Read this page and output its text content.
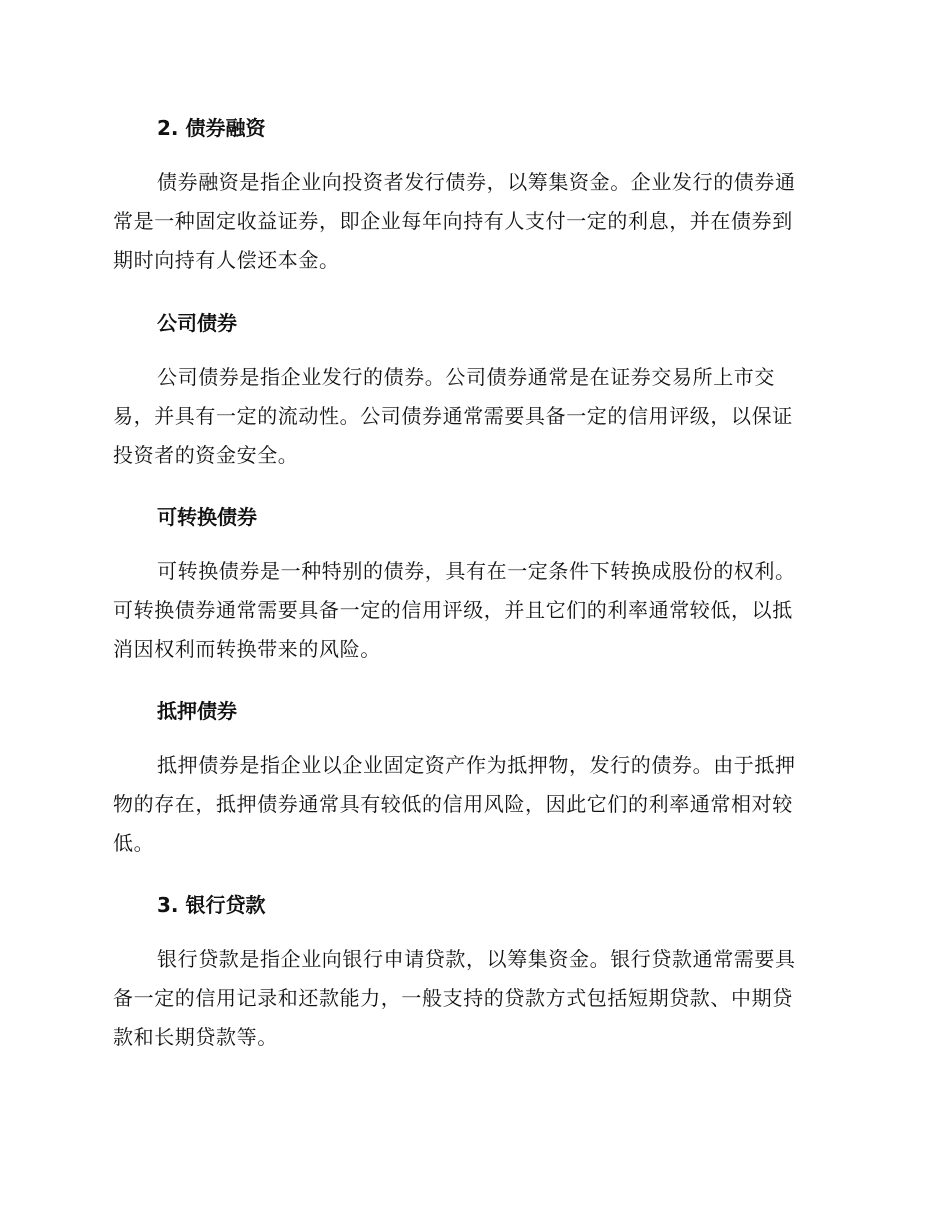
2. 债券融资

债券融资是指企业向投资者发行债券，以筹集资金。企业发行的债券通
常是一种固定收益证券，即企业每年向持有人支付一定的利息，并在债券到
期时向持有人偿还本金。

公司债券

公司债券是指企业发行的债券。公司债券通常是在证券交易所上市交
易，并具有一定的流动性。公司债券通常需要具备一定的信用评级，以保证
投资者的资金安全。

可转换债券

可转换债券是一种特别的债券，具有在一定条件下转换成股份的权利。
可转换债券通常需要具备一定的信用评级，并且它们的利率通常较低，以抵
消因权利而转换带来的风险。

抵押债券

抵押债券是指企业以企业固定资产作为抵押物，发行的债券。由于抵押
物的存在，抵押债券通常具有较低的信用风险，因此它们的利率通常相对较
低。

3. 银行贷款

银行贷款是指企业向银行申请贷款，以筹集资金。银行贷款通常需要具
备一定的信用记录和还款能力，一般支持的贷款方式包括短期贷款、中期贷
款和长期贷款等。
